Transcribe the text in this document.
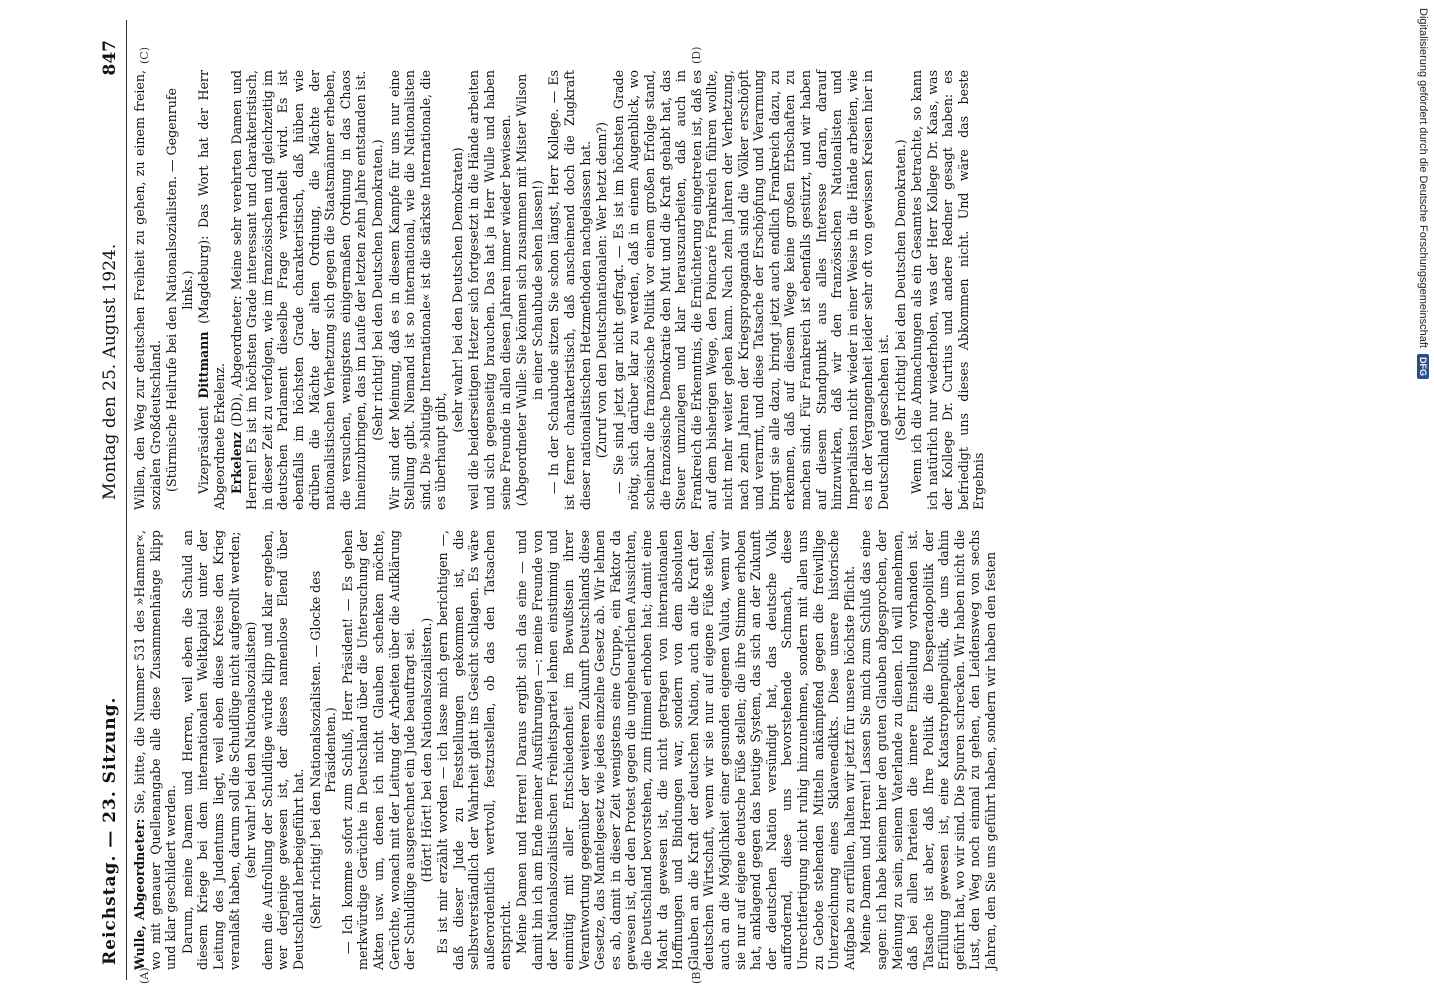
Reichstag. — 23. Sitzung.
Montag den 25. August 1924.
847

Wulle, Abgeordneter: Sie, bitte, die Nummer 531 des »Hammer«, wo mit genauer Quellenangabe alle diese Zusammenhänge klipp und klar geschildert werden. Darum, meine Damen und Herren, weil eben die Schuld an diesem Kriege bei dem internationalen Weltkapital unter der Leitung des Judentums liegt, weil eben diese Kreise den Krieg veranlaßt haben, darum soll die Schuldlüge nicht aufgerollt werden; (sehr wahr! bei den Nationalsozialisten) denn die Aufrollung der Schuldlüge würde klipp und klar ergeben, wer derjenige gewesen ist, der dieses namenlose Elend über Deutschland herbeigeführt hat. (Sehr richtig! bei den Nationalsozialisten. — Glocke des Präsidenten.) — Ich komme sofort zum Schluß, Herr Präsident! — Es gehen merkwürdige Gerüchte in Deutschland über die Untersuchung der Akten usw. um, denen ich nicht Glauben schenken möchte, Gerüchte, wonach mit der Leitung der Arbeiten über die Aufklärung der Schuldlüge ausgerechnet ein Jude beauftragt sei. (Hört! Hört! bei den Nationalsozialisten.) Es ist mir erzählt worden — ich lasse mich gern berichtigen —, daß dieser Jude zu Feststellungen gekommen ist, die selbstverständlich der Wahrheit glatt ins Gesicht schlagen. Es wäre außerordentlich wertvoll, festzustellen, ob das den Tatsachen entspricht. Meine Damen und Herren! Daraus ergibt sich das eine — und damit bin ich am Ende meiner Ausführungen —: meine Freunde von der Nationalsozialistischen Freiheitspartei lehnen einstimmig und einmütig mit aller Entschiedenheit im Bewußtsein ihrer Verantwortung gegenüber der weiteren Zukunft Deutschlands diese Gesetze, das Mantelgesetz wie jedes einzelne Gesetz ab. Wir lehnen es ab, damit in dieser Zeit wenigstens eine Gruppe, ein Faktor da gewesen ist, der den Protest gegen die ungeheuerlichen Aussichten, die Deutschland bevorstehen, zum Himmel erhoben hat; damit eine Macht da gewesen ist, die nicht getragen von internationalen Hoffnungen und Bindungen war, sondern von dem absoluten Glauben an die Kraft der deutschen Nation, auch an die Kraft der deutschen Wirtschaft, wenn wir sie nur auf eigene Füße stellen, auch an die Möglichkeit einer gesunden eigenen Valuta, wenn wir sie nur auf eigene deutsche Füße stellen; die ihre Stimme erhoben hat, anklagend gegen das heutige System, das sich an der Zukunft der deutschen Nation versündigt hat, das deutsche Volk auffordernd, diese uns bevorstehende Schmach, diese Unrechtfertigung nicht ruhig hinzunehmen, sondern mit allen uns zu Gebote stehenden Mitteln ankämpfend gegen die freiwillige Unterzeichnung eines Sklavenedikts. Diese unsere historische Aufgabe zu erfüllen, halten wir jetzt für unsere höchste Pflicht. Meine Damen und Herren! Lassen Sie mich zum Schluß das eine sagen: ich habe keinem hier den guten Glauben abgesprochen, der Meinung zu sein, seinem Vaterlande zu dienen. Ich will annehmen, daß bei allen Parteien die innere Einstellung vorhanden ist. Tatsache ist aber, daß Ihre Politik die Desperadopolitik der Erfüllung gewesen ist, eine Katastrophenpolitik, die uns dahin geführt hat, wo wir sind. Die Spuren schrecken. Wir haben nicht die Lust, den Weg noch einmal zu gehen, den Leidensweg von sechs Jahren, den Sie uns geführt haben, sondern wir haben den festen

Willen, den Weg zur deutschen Freiheit zu gehen, zu einem freien, sozialen Großdeutschland. (Stürmische Heilrufe bei den Nationalsozialisten. — Gegenrufe links.)

Vizepräsident Dittmann (Magdeburg): Das Wort hat der Herr Abgeordnete Erkelenz. Erkelenz (DD), Abgeordneter: Meine sehr verehrten Damen und Herren! Es ist im höchsten Grade interessant und charakteristisch, in dieser Zeit zu verfolgen, wie im französischen und gleichzeitig im deutschen Parlament dieselbe Frage verhandelt wird. Es ist ebenfalls im höchsten Grade charakteristisch, daß hüben wie drüben die Mächte der alten Ordnung, die Mächte der nationalistischen Verhetzung sich gegen die Staatsmänner erheben, die versuchen, wenigstens einigermaßen Ordnung in das Chaos hineinzubringen, das im Laufe der letzten zehn Jahre entstanden ist. (Sehr richtig! bei den Deutschen Demokraten.) Wir sind der Meinung, daß es in diesem Kampfe für uns nur eine Stellung gibt. Niemand ist so international, wie die Nationalisten sind. Die »blutige Internationale« ist die stärkste Internationale, die es überhaupt gibt,

(sehr wahr! bei den Deutschen Demokraten) weil die beiderseitigen Hetzer sich fortgesetzt in die Hände arbeiten und sich gegenseitig brauchen. Das hat ja Herr Wulle und haben seine Freunde in allen diesen Jahren immer wieder bewiesen. (Abgeordneter Wulle: Sie können sich zusammen mit Mister Wilson in einer Schaubude sehen lassen!) — In der Schaubude sitzen Sie schon längst, Herr Kollege. — Es ist ferner charakteristisch, daß anscheinend doch die Zugkraft dieser nationalistischen Hetzmethoden nachgelassen hat. (Zuruf von den Deutschnationalen: Wer hetzt denn?) — Sie sind jetzt gar nicht gefragt. — Es ist im höchsten Grade nötig, sich darüber klar zu werden, daß in einem Augenblick, wo scheinbar die französische Politik vor einem großen Erfolge stand, die französische Demokratie den Mut und die Kraft gehabt hat, das Steuer umzulegen und klar herauszuarbeiten, daß auch in Frankreich die Erkenntnis, die Ernüchterung eingetreten ist, daß es auf dem bisherigen Wege, den Poincaré Frankreich führen wollte, nicht mehr weiter gehen kann. Nach zehn Jahren der Verhetzung, nach zehn Jahren der Kriegspropaganda sind die Völker erschöpft und verarmt, und diese Tatsache der Erschöpfung und Verarmung bringt sie alle dazu, bringt jetzt auch endlich Frankreich dazu, zu erkennen, daß auf diesem Wege keine großen Erbschaften zu machen sind. Für Frankreich ist ebenfalls gestürzt, und wir haben auf diesem Standpunkt aus alles Interesse daran, darauf hinzuwirken, daß wir den französischen Nationalisten und Imperialisten nicht wieder in einer Weise in die Hände arbeiten, wie es in der Vergangenheit leider sehr oft von gewissen Kreisen hier in Deutschland geschehen ist. (Sehr richtig! bei den Deutschen Demokraten.) Wenn ich die Abmachungen als ein Gesamtes betrachte, so kann ich natürlich nur wiederholen, was der Herr Kollege Dr. Kaas, was der Kollege Dr. Curtius und andere Redner gesagt haben: es befriedigt uns dieses Abkommen nicht. Und wäre das beste Ergebnis

(A)	(B)
(C)	(D)	Digitalisierung gefördert durch die Deutsche Forschungsgemeinschaft
DFG
